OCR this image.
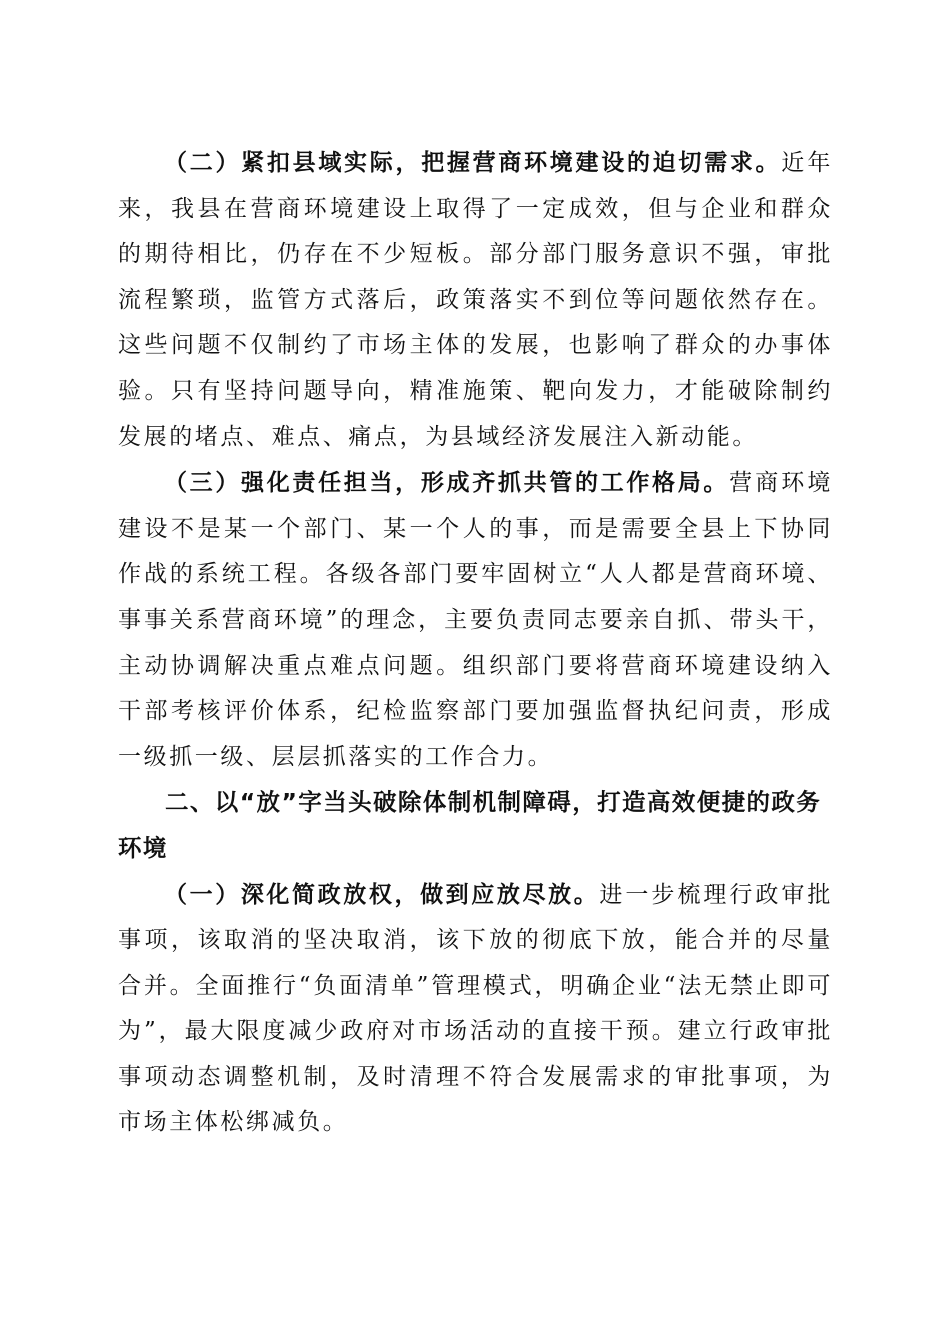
（二）紧扣县域实际，把握营商环境建设的迫切需求。近年来，我县在营商环境建设上取得了一定成效，但与企业和群众的期待相比，仍存在不少短板。部分部门服务意识不强，审批流程繁琐，监管方式落后，政策落实不到位等问题依然存在。这些问题不仅制约了市场主体的发展，也影响了群众的办事体验。只有坚持问题导向，精准施策、靶向发力，才能破除制约发展的堵点、难点、痛点，为县域经济发展注入新动能。

（三）强化责任担当，形成齐抓共管的工作格局。营商环境建设不是某一个部门、某一个人的事，而是需要全县上下协同作战的系统工程。各级各部门要牢固树立“人人都是营商环境、事事关系营商环境”的理念，主要负责同志要亲自抓、带头干，主动协调解决重点难点问题。组织部门要将营商环境建设纳入干部考核评价体系，纪检监察部门要加强监督执纪问责，形成一级抓一级、层层抓落实的工作合力。

二、以“放”字当头破除体制机制障碍，打造高效便捷的政务环境

（一）深化简政放权，做到应放尽放。进一步梳理行政审批事项，该取消的坚决取消，该下放的彻底下放，能合并的尽量合并。全面推行“负面清单”管理模式，明确企业“法无禁止即可为”，最大限度减少政府对市场活动的直接干预。建立行政审批事项动态调整机制，及时清理不符合发展需求的审批事项，为市场主体松绑减负。
